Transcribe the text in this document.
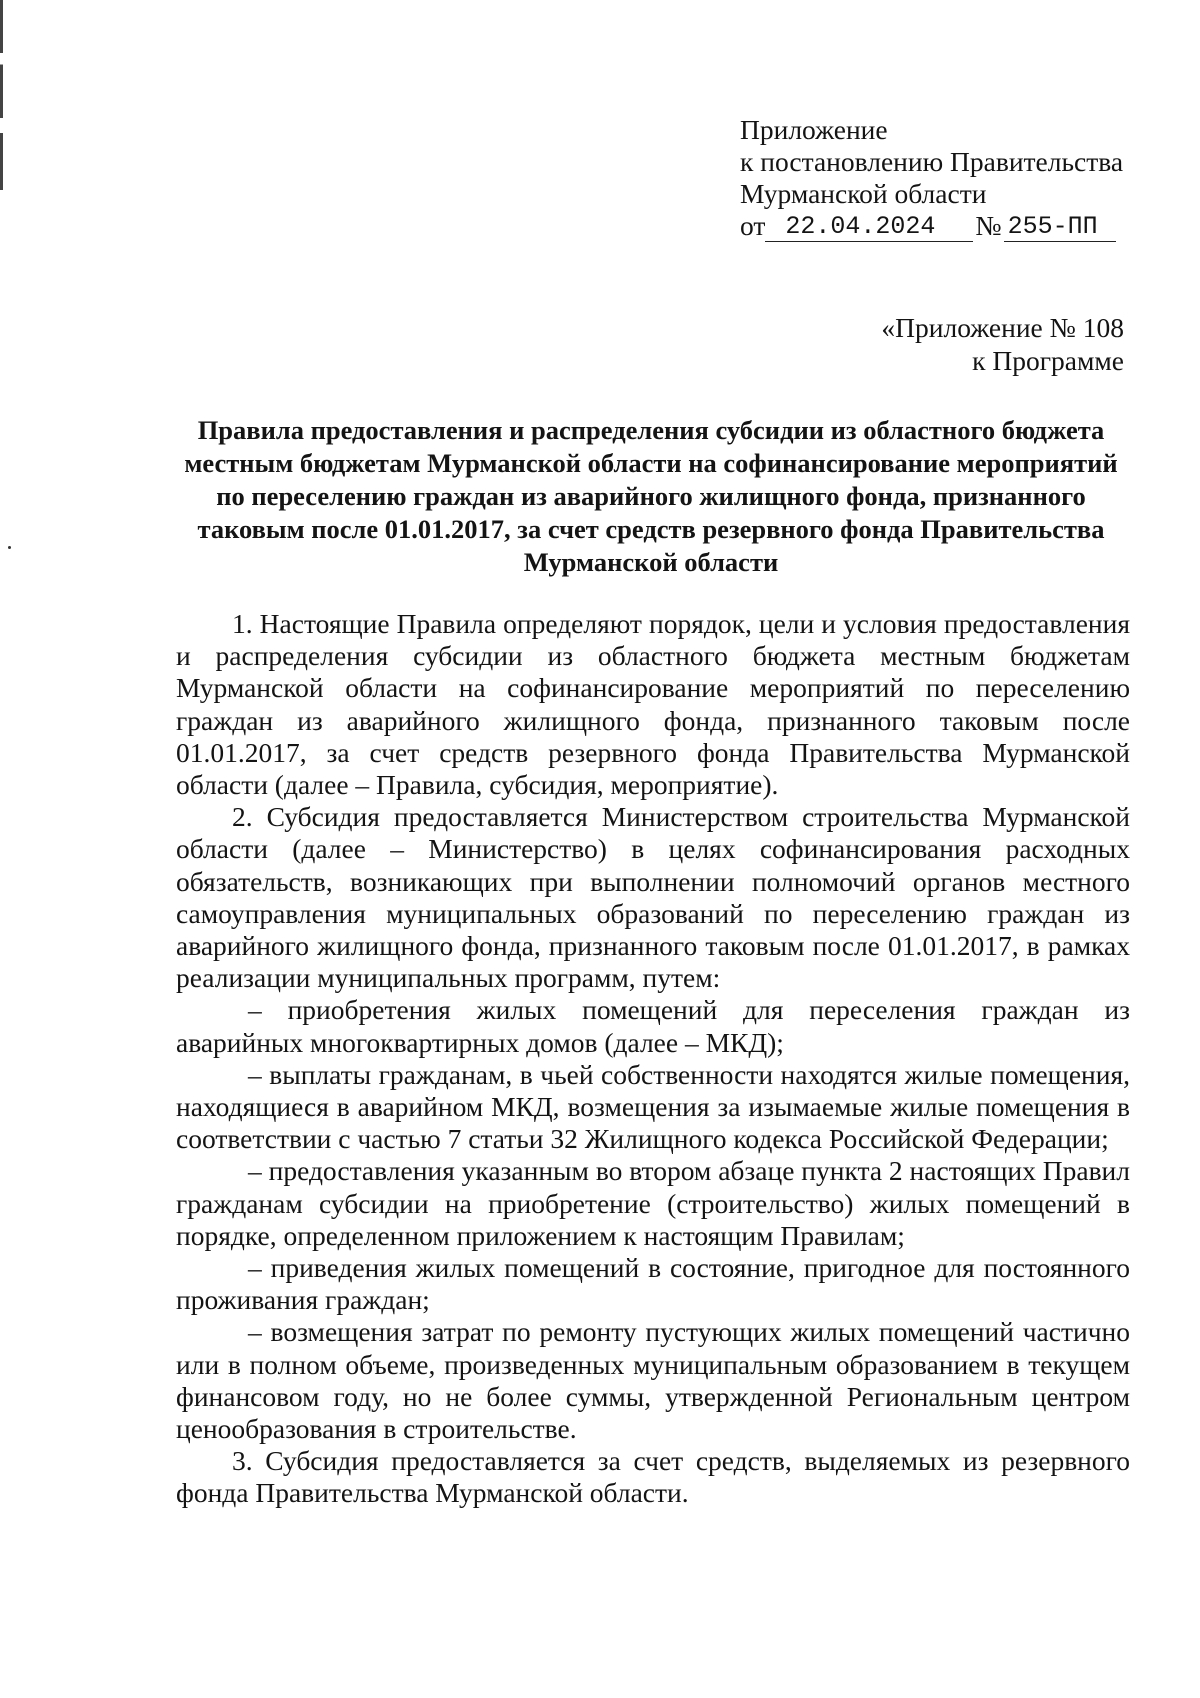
Приложение
к постановлению Правительства
Мурманской области
от 22.04.2024	№ 255-ПП
«Приложение № 108
к Программе
Правила предоставления и распределения субсидии из областного бюджета местным бюджетам Мурманской области на софинансирование мероприятий по переселению граждан из аварийного жилищного фонда, признанного таковым после 01.01.2017, за счет средств резервного фонда Правительства Мурманской области

1. Настоящие Правила определяют порядок, цели и условия предоставления и распределения субсидии из областного бюджета местным бюджетам Мурманской области на софинансирование мероприятий по переселению граждан из аварийного жилищного фонда, признанного таковым после 01.01.2017, за счет средств резервного фонда Правительства Мурманской области (далее – Правила, субсидия, мероприятие).

2. Субсидия предоставляется Министерством строительства Мурманской области (далее – Министерство) в целях софинансирования расходных обязательств, возникающих при выполнении полномочий органов местного самоуправления муниципальных образований по переселению граждан из аварийного жилищного фонда, признанного таковым после 01.01.2017, в рамках реализации муниципальных программ, путем:

– приобретения жилых помещений для переселения граждан из аварийных многоквартирных домов (далее – МКД);

– выплаты гражданам, в чьей собственности находятся жилые помещения, находящиеся в аварийном МКД, возмещения за изымаемые жилые помещения в соответствии с частью 7 статьи 32 Жилищного кодекса Российской Федерации;

– предоставления указанным во втором абзаце пункта 2 настоящих Правил гражданам субсидии на приобретение (строительство) жилых помещений в порядке, определенном приложением к настоящим Правилам;

– приведения жилых помещений в состояние, пригодное для постоянного проживания граждан;

– возмещения затрат по ремонту пустующих жилых помещений частично или в полном объеме, произведенных муниципальным образованием в текущем финансовом году, но не более суммы, утвержденной Региональным центром ценообразования в строительстве.

3. Субсидия предоставляется за счет средств, выделяемых из резервного фонда Правительства Мурманской области.
